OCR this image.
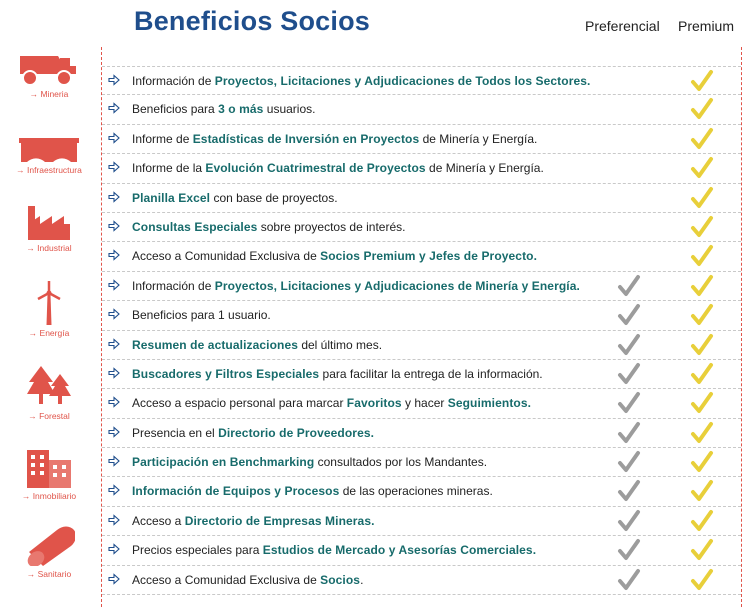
Beneficios Socios	Preferencial Premium
→ Mineria
→ Infraestructura
→ Industrial
→ Energía
→ Forestal
→ Inmobiliario
→ Sanitario
Información de Proyectos, Licitaciones y Adjudicaciones de Todos los Sectores.
Beneficios para 3 o más usuarios.
Informe de Estadísticas de Inversión en Proyectos de Minería y Energía.
Informe de la Evolución Cuatrimestral de Proyectos de Minería y Energía.
Planilla Excel con base de proyectos.
Consultas Especiales sobre proyectos de interés.
Acceso a Comunidad Exclusiva de Socios Premium y Jefes de Proyecto.
Información de Proyectos, Licitaciones y Adjudicaciones de Minería y Energía.
Beneficios para 1 usuario.
Resumen de actualizaciones del último mes.
Buscadores y Filtros Especiales para facilitar la entrega de la información.
Acceso a espacio personal para marcar Favoritos y hacer Seguimientos.
Presencia en el Directorio de Proveedores.
Participación en Benchmarking consultados por los Mandantes.
Información de Equipos y Procesos de las operaciones mineras.
Acceso a Directorio de Empresas Mineras.
Precios especiales para Estudios de Mercado y Asesorías Comerciales.
Acceso a Comunidad Exclusiva de Socios.
